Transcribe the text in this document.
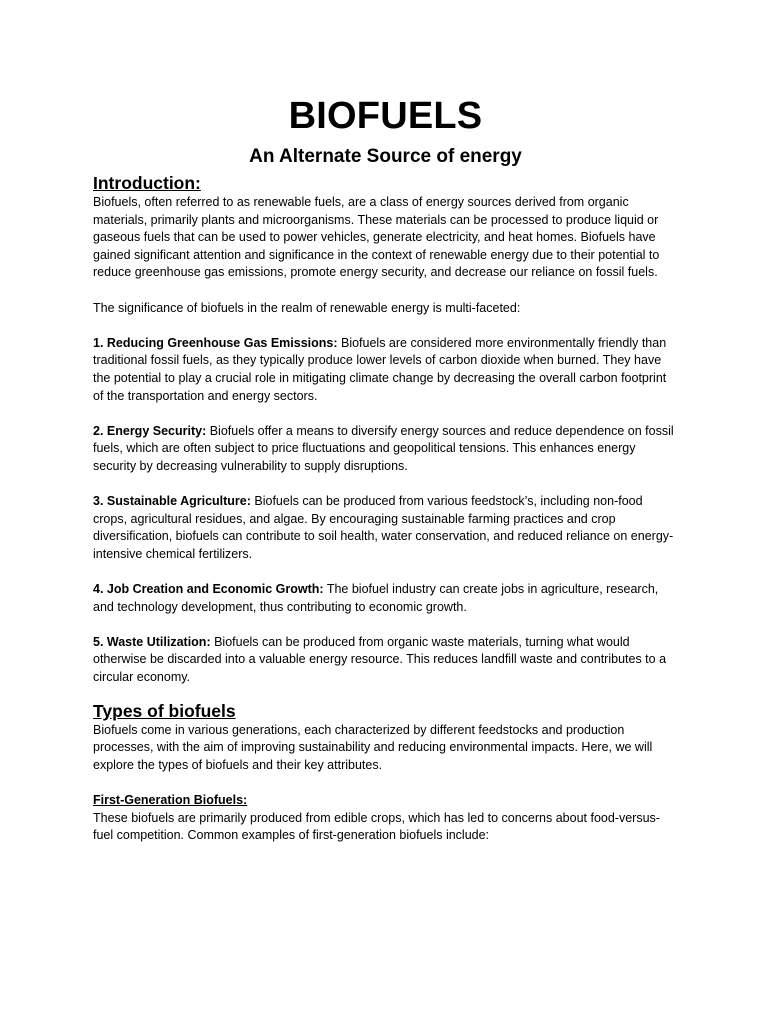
BIOFUELS
An Alternate Source of energy
Introduction:

Biofuels, often referred to as renewable fuels, are a class of energy sources derived from organic materials, primarily plants and microorganisms. These materials can be processed to produce liquid or gaseous fuels that can be used to power vehicles, generate electricity, and heat homes. Biofuels have gained significant attention and significance in the context of renewable energy due to their potential to reduce greenhouse gas emissions, promote energy security, and decrease our reliance on fossil fuels.

The significance of biofuels in the realm of renewable energy is multi-faceted:

1. Reducing Greenhouse Gas Emissions: Biofuels are considered more environmentally friendly than traditional fossil fuels, as they typically produce lower levels of carbon dioxide when burned. They have the potential to play a crucial role in mitigating climate change by decreasing the overall carbon footprint of the transportation and energy sectors.

2. Energy Security: Biofuels offer a means to diversify energy sources and reduce dependence on fossil fuels, which are often subject to price fluctuations and geopolitical tensions. This enhances energy security by decreasing vulnerability to supply disruptions.

3. Sustainable Agriculture: Biofuels can be produced from various feedstock’s, including non-food crops, agricultural residues, and algae. By encouraging sustainable farming practices and crop diversification, biofuels can contribute to soil health, water conservation, and reduced reliance on energy-intensive chemical fertilizers.

4. Job Creation and Economic Growth: The biofuel industry can create jobs in agriculture, research, and technology development, thus contributing to economic growth.

5. Waste Utilization: Biofuels can be produced from organic waste materials, turning what would otherwise be discarded into a valuable energy resource. This reduces landfill waste and contributes to a circular economy.

Types of biofuels

Biofuels come in various generations, each characterized by different feedstocks and production processes, with the aim of improving sustainability and reducing environmental impacts. Here, we will explore the types of biofuels and their key attributes.

First-Generation Biofuels:

These biofuels are primarily produced from edible crops, which has led to concerns about food-versus-fuel competition. Common examples of first-generation biofuels include:
